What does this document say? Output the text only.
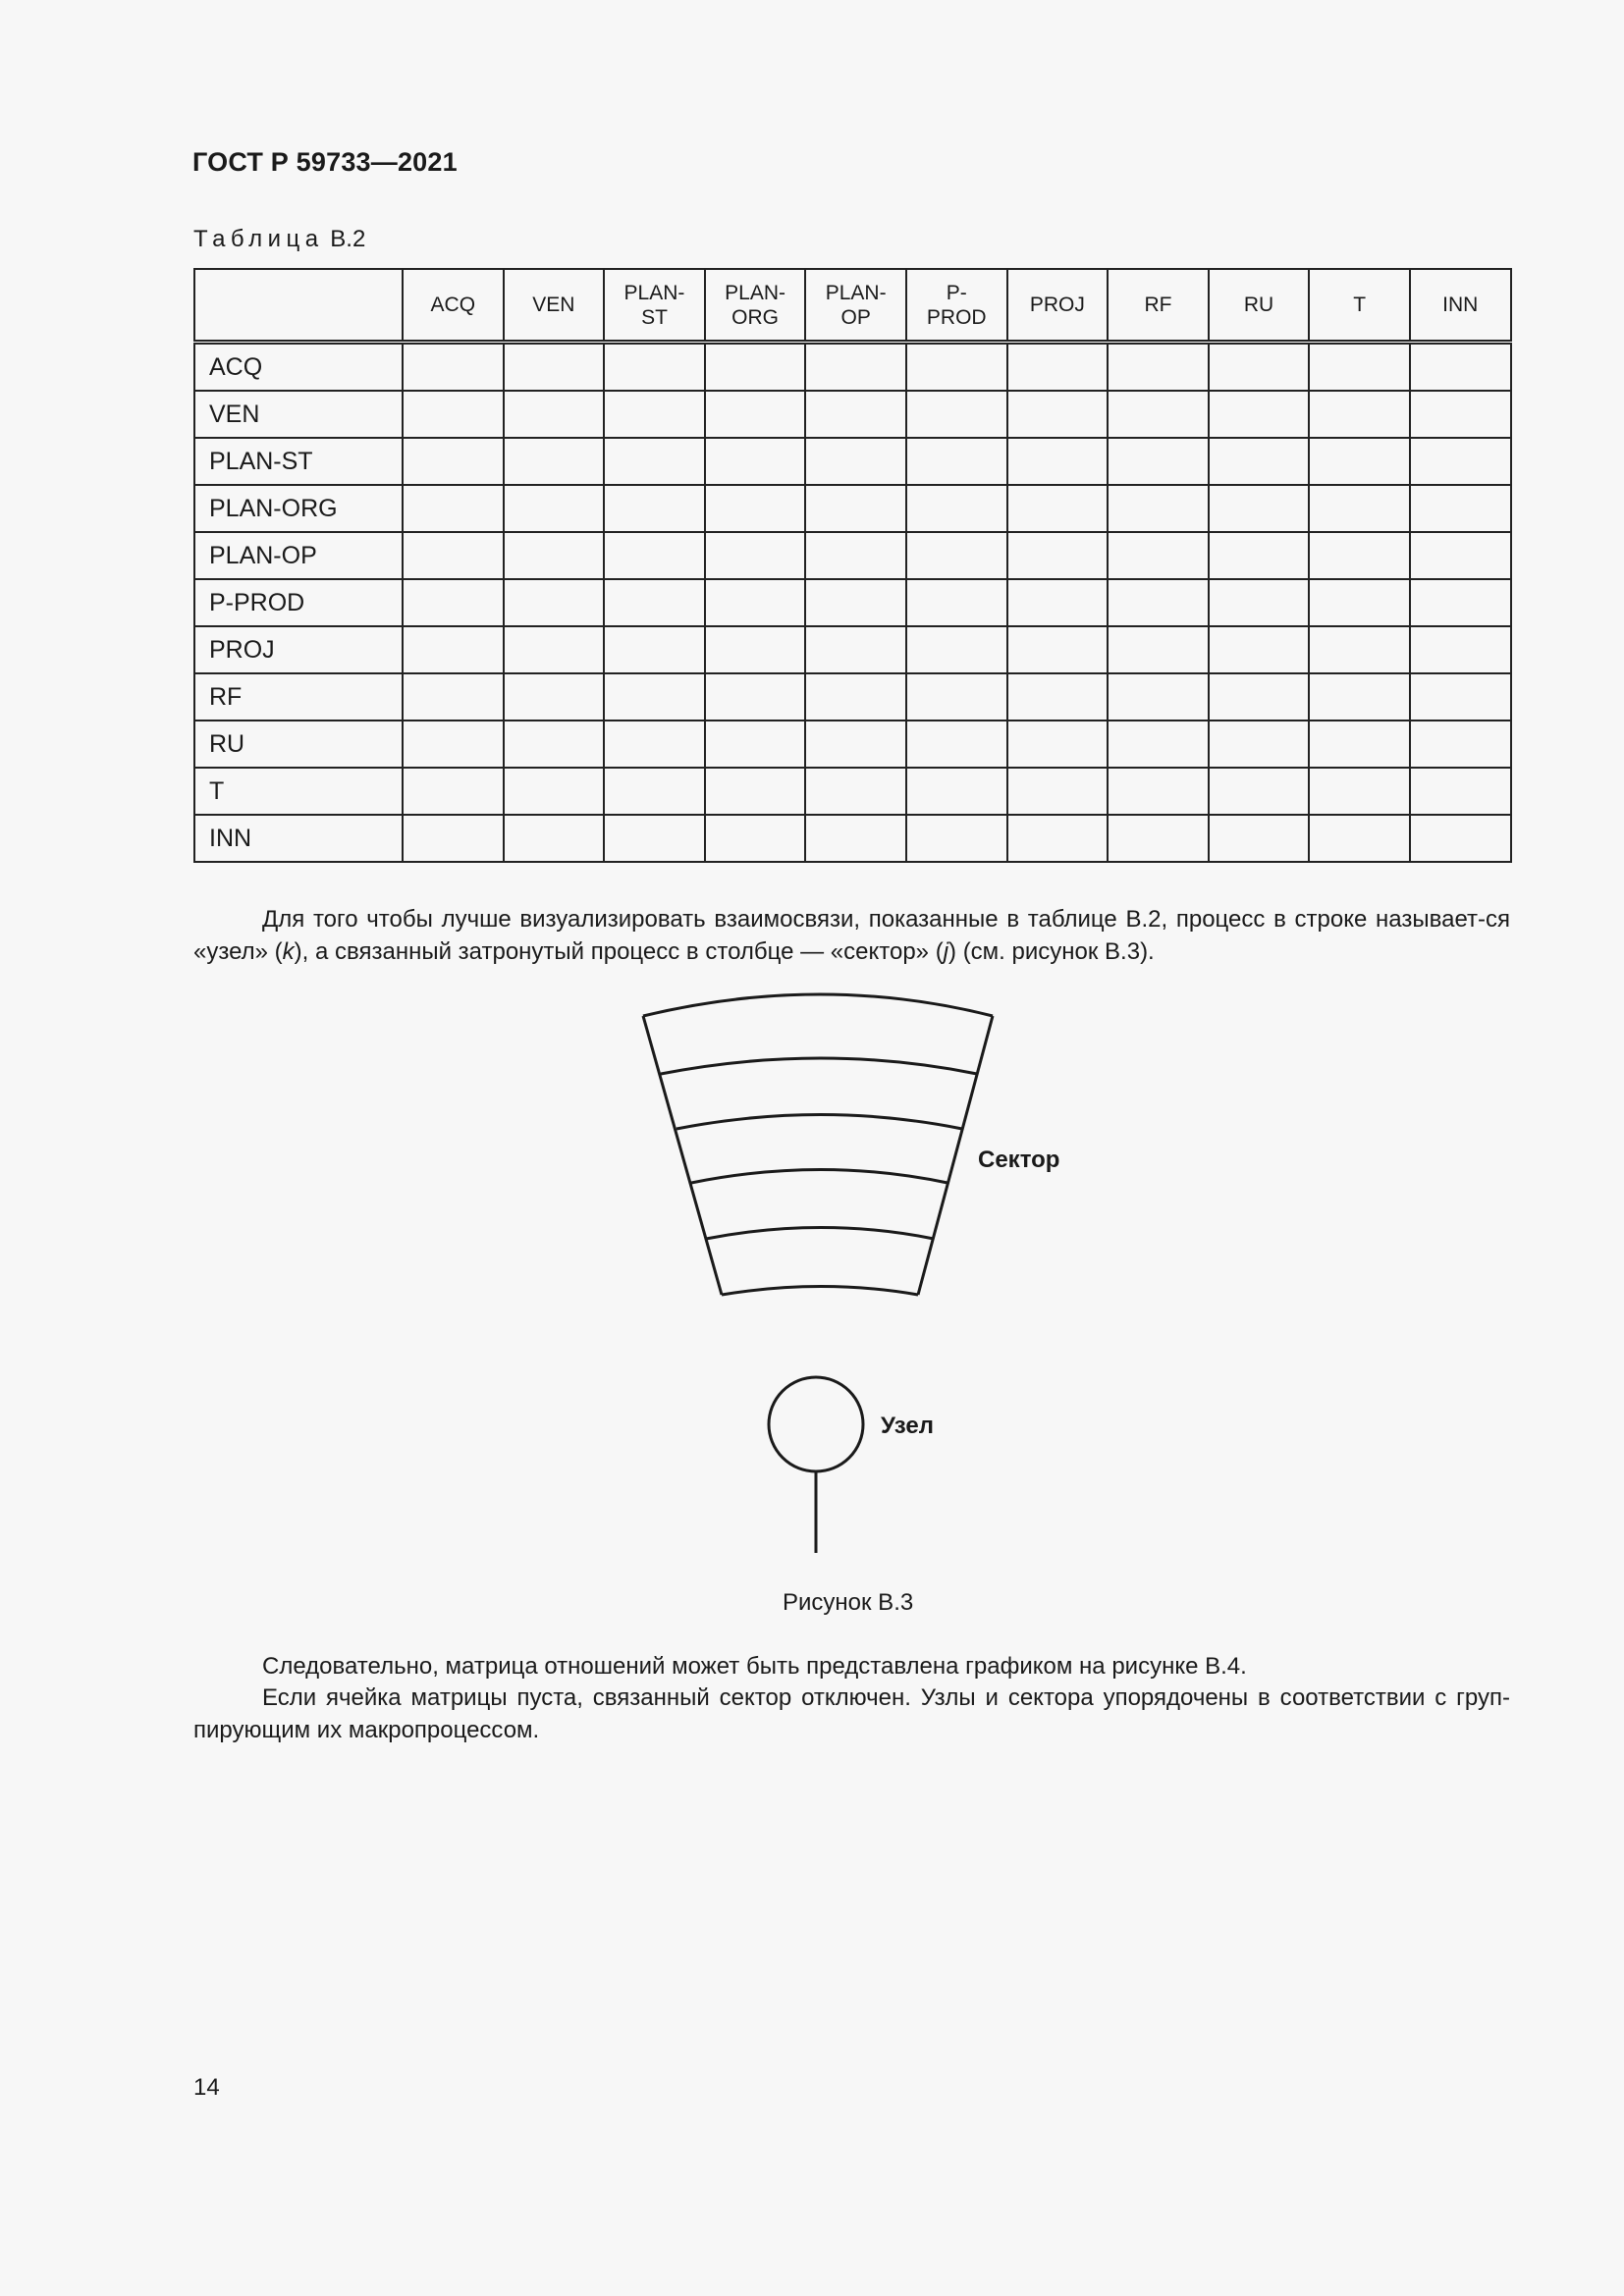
ГОСТ Р 59733—2021
Таблица В.2
	ACQ	VEN	PLAN-
ST	PLAN-
ORG	PLAN-
OP	P-
PROD	PROJ	RF	RU	T	INN
ACQ											
VEN											
PLAN-ST											
PLAN-ORG											
PLAN-OP											
P-PROD											
PROJ											
RF											
RU											
T											
INN											
Для того чтобы лучше визуализировать взаимосвязи, показанные в таблице В.2, процесс в строке называет-ся «узел» (k), а связанный затронутый процесс в столбце — «сектор» (j) (см. рисунок В.3).
Сектор
Узел
Рисунок В.3
Следовательно, матрица отношений может быть представлена графиком на рисунке В.4.
Если ячейка матрицы пуста, связанный сектор отключен. Узлы и сектора упорядочены в соответствии с груп-пирующим их макропроцессом.
14
